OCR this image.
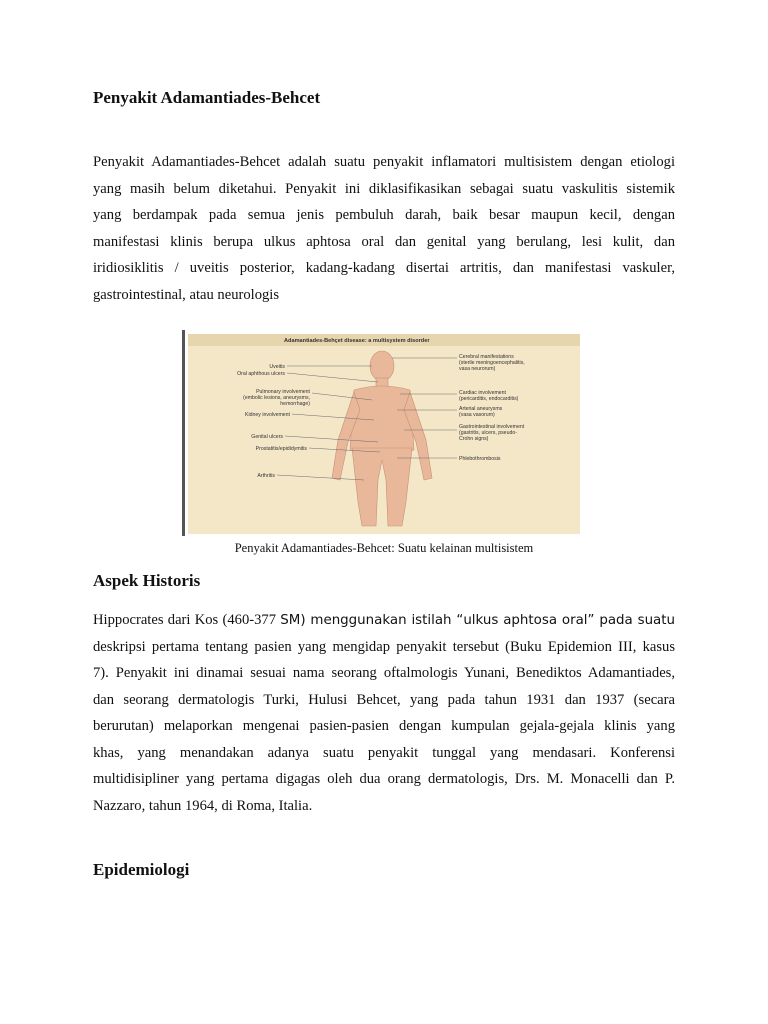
Penyakit Adamantiades-Behcet
Penyakit Adamantiades-Behcet adalah suatu penyakit inflamatori multisistem dengan etiologi
yang masih belum diketahui. Penyakit ini diklasifikasikan sebagai suatu vaskulitis sistemik
yang berdampak pada semua jenis pembuluh darah, baik besar maupun kecil, dengan
manifestasi klinis berupa ulkus aphtosa oral dan genital yang berulang, lesi kulit, dan
iridiosiklitis / uveitis posterior, kadang-kadang disertai artritis, dan manifestasi vaskuler,
gastrointestinal, atau neurologis
Adamantiades-Behçet disease: a multisystem disorder
Uveitis
Oral aphthous ulcers
Pulmonary involvement
(embolic lesions, aneurysms,
hemorrhage)
Kidney involvement
Genital ulcers
Prostatitis/epididymitis
Arthritis
Cerebral manifestations
(sterile meningoencephalitis,
vasa neurorum)
Cardiac involvement
(pericarditis, endocarditis)
Arterial aneurysms
(vasa vasorum)
Gastrointestinal involvement
(gastritis, ulcers, pseudo-
Crohn signs)
Phlebothrombosis
Penyakit Adamantiades-Behcet: Suatu kelainan multisistem
Aspek Historis
Hippocrates dari Kos (460-377 SM) menggunakan istilah “ulkus aphtosa oral” pada suatu
deskripsi pertama tentang pasien yang mengidap penyakit tersebut (Buku Epidemion III, kasus
7). Penyakit ini dinamai sesuai nama seorang oftalmologis Yunani, Benediktos Adamantiades,
dan seorang dermatologis Turki, Hulusi Behcet, yang pada tahun 1931 dan 1937 (secara
berurutan) melaporkan mengenai pasien-pasien dengan kumpulan gejala-gejala klinis yang
khas, yang menandakan adanya suatu penyakit tunggal yang mendasari. Konferensi
multidisipliner yang pertama digagas oleh dua orang dermatologis, Drs. M. Monacelli dan P.
Nazzaro, tahun 1964, di Roma, Italia.
Epidemiologi
